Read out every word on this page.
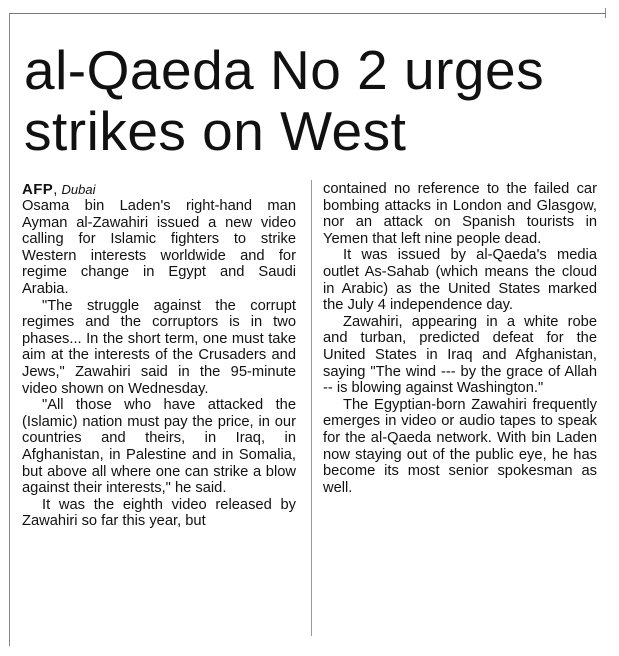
al-Qaeda No 2 urges
strikes on West

AFP, Dubai

Osama bin Laden's right-hand man Ayman al-Zawahiri issued a new video calling for Islamic fighters to strike Western interests worldwide and for regime change in Egypt and Saudi Arabia.

"The struggle against the corrupt regimes and the corruptors is in two phases... In the short term, one must take aim at the interests of the Crusaders and Jews," Zawahiri said in the 95-minute video shown on Wednesday.

"All those who have attacked the (Islamic) nation must pay the price, in our countries and theirs, in Iraq, in Afghanistan, in Palestine and in Somalia, but above all where one can strike a blow against their interests," he said.

It was the eighth video released by Zawahiri so far this year, but

contained no reference to the failed car bombing attacks in London and Glasgow, nor an attack on Spanish tourists in Yemen that left nine people dead.

It was issued by al-Qaeda's media outlet As-Sahab (which means the cloud in Arabic) as the United States marked the July 4 independence day.

Zawahiri, appearing in a white robe and turban, predicted defeat for the United States in Iraq and Afghanistan, saying "The wind --- by the grace of Allah -- is blowing against Washington."

The Egyptian-born Zawahiri frequently emerges in video or audio tapes to speak for the al-Qaeda network. With bin Laden now staying out of the public eye, he has become its most senior spokesman as well.
